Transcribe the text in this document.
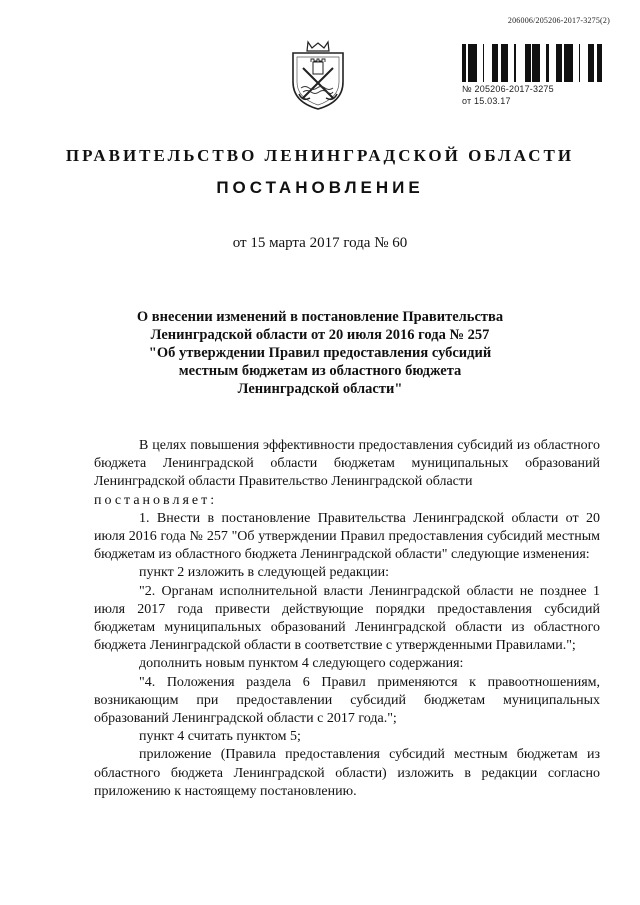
206006/205206-2017-3275(2)
№ 205206-2017-3275
от 15.03.17
ПРАВИТЕЛЬСТВО ЛЕНИНГРАДСКОЙ ОБЛАСТИ
ПОСТАНОВЛЕНИЕ
от 15 марта 2017 года № 60
О внесении изменений в постановление Правительства
Ленинградской области от 20 июля 2016 года № 257
"Об утверждении Правил предоставления субсидий
местным бюджетам из областного бюджета
Ленинградской области"

В целях повышения эффективности предоставления субсидий из областного бюджета Ленинградской области бюджетам муниципальных образований Ленинградской области Правительство Ленинградской области

постановляет:

1. Внести в постановление Правительства Ленинградской области от 20 июля 2016 года № 257 "Об утверждении Правил предоставления субсидий местным бюджетам из областного бюджета Ленинградской области" следующие изменения:

пункт 2 изложить в следующей редакции:

"2. Органам исполнительной власти Ленинградской области не позднее 1 июля 2017 года привести действующие порядки предоставления субсидий бюджетам муниципальных образований Ленинградской области из областного бюджета Ленинградской области в соответствие с утвержденными Правилами.";

дополнить новым пунктом 4 следующего содержания:

"4. Положения раздела 6 Правил применяются к правоотношениям, возникающим при предоставлении субсидий бюджетам муниципальных образований Ленинградской области с 2017 года.";

пункт 4 считать пунктом 5;

приложение (Правила предоставления субсидий местным бюджетам из областного бюджета Ленинградской области) изложить в редакции согласно приложению к настоящему постановлению.
